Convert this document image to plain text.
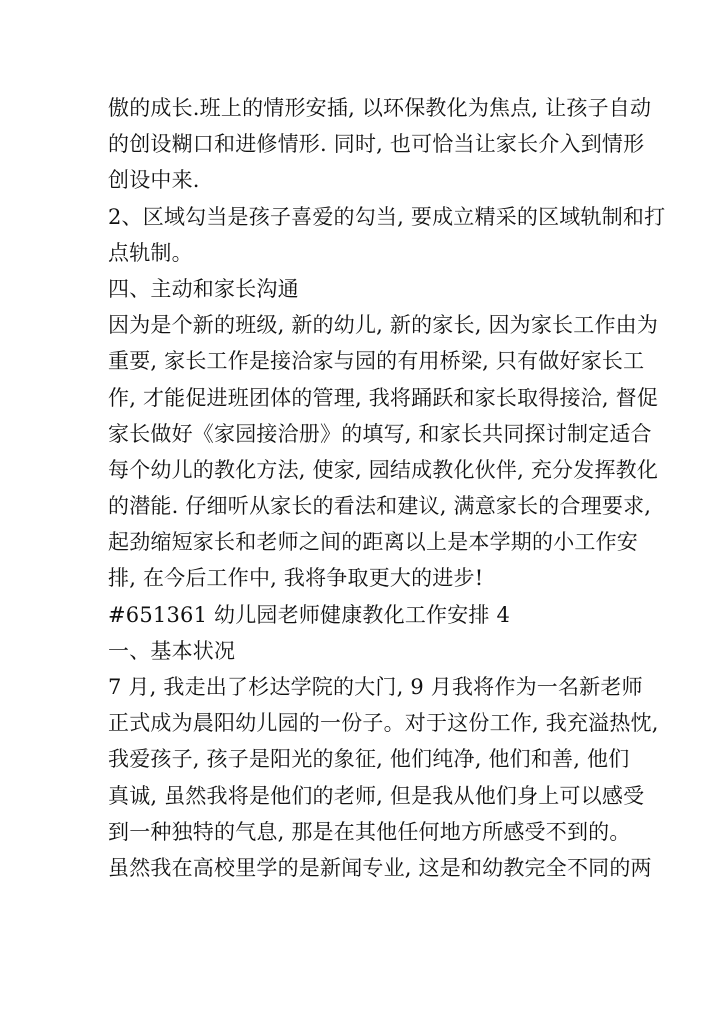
傲的成长.班上的情形安插, 以环保教化为焦点, 让孩子自动
的创设糊口和进修情形. 同时, 也可恰当让家长介入到情形
创设中来.
2、区域勾当是孩子喜爱的勾当, 要成立精采的区域轨制和打
点轨制。
四、主动和家长沟通
因为是个新的班级, 新的幼儿, 新的家长, 因为家长工作由为
重要, 家长工作是接洽家与园的有用桥梁, 只有做好家长工
作, 才能促进班团体的管理, 我将踊跃和家长取得接洽, 督促
家长做好《家园接洽册》的填写, 和家长共同探讨制定适合
每个幼儿的教化方法, 使家, 园结成教化伙伴, 充分发挥教化
的潜能. 仔细听从家长的看法和建议, 满意家长的合理要求,
起劲缩短家长和老师之间的距离以上是本学期的小工作安
排, 在今后工作中, 我将争取更大的进步!
#651361 幼儿园老师健康教化工作安排 4
一、基本状况
7 月, 我走出了杉达学院的大门, 9 月我将作为一名新老师
正式成为晨阳幼儿园的一份子。对于这份工作, 我充溢热忱,
我爱孩子, 孩子是阳光的象征, 他们纯净, 他们和善, 他们
真诚, 虽然我将是他们的老师, 但是我从他们身上可以感受
到一种独特的气息, 那是在其他任何地方所感受不到的。
虽然我在高校里学的是新闻专业, 这是和幼教完全不同的两
